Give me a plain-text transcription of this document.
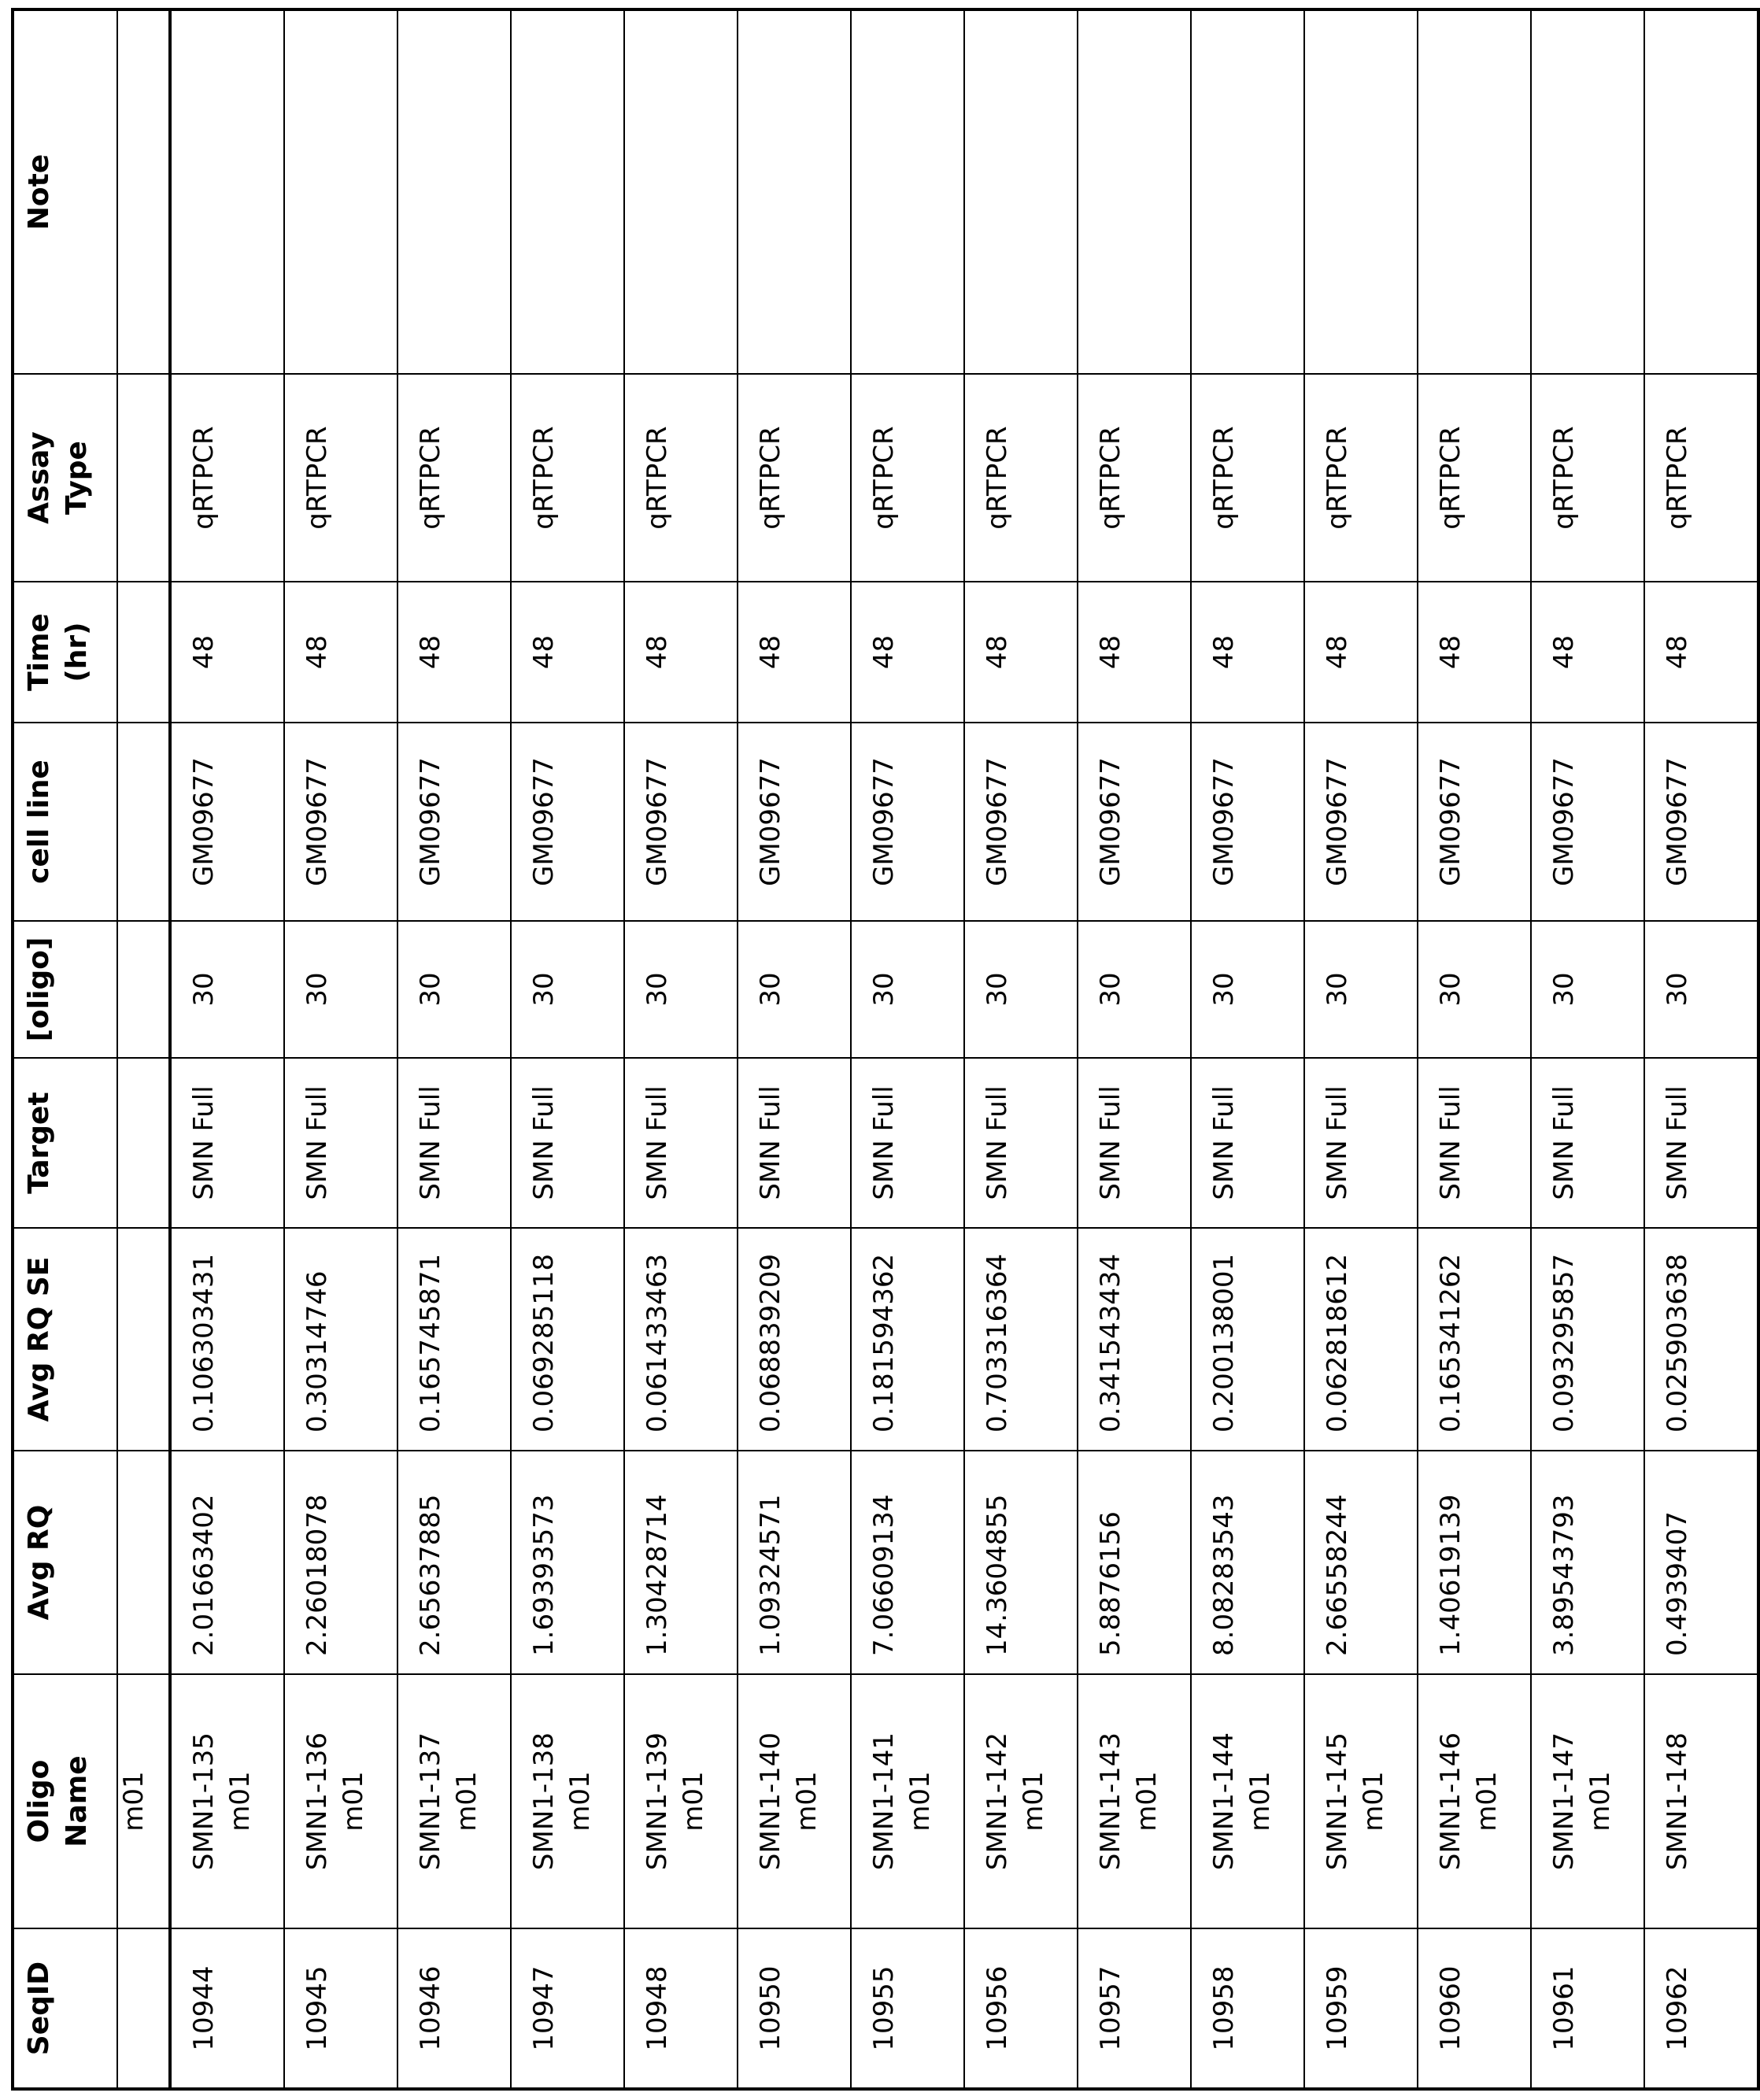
SeqID	Oligo Name	Avg RQ	Avg RQ SE	Target	[oligo]	cell line	Time (hr)	Assay Type	Note
	m01								
10944	SMN1-135 m01	2.01663402	0.106303431	SMN Full	30	GM09677	48	qRTPCR	
10945	SMN1-136 m01	2.26018078	0.30314746	SMN Full	30	GM09677	48	qRTPCR	
10946	SMN1-137 m01	2.65637885	0.165745871	SMN Full	30	GM09677	48	qRTPCR	
10947	SMN1-138 m01	1.69393573	0.069285118	SMN Full	30	GM09677	48	qRTPCR	
10948	SMN1-139 m01	1.30428714	0.061433463	SMN Full	30	GM09677	48	qRTPCR	
10950	SMN1-140 m01	1.09324571	0.068839209	SMN Full	30	GM09677	48	qRTPCR	
10955	SMN1-141 m01	7.06609134	0.181594362	SMN Full	30	GM09677	48	qRTPCR	
10956	SMN1-142 m01	14.3604855	0.703316364	SMN Full	30	GM09677	48	qRTPCR	
10957	SMN1-143 m01	5.8876156	0.341543434	SMN Full	30	GM09677	48	qRTPCR	
10958	SMN1-144 m01	8.08283543	0.200138001	SMN Full	30	GM09677	48	qRTPCR	
10959	SMN1-145 m01	2.66558244	0.062818612	SMN Full	30	GM09677	48	qRTPCR	
10960	SMN1-146 m01	1.40619139	0.165341262	SMN Full	30	GM09677	48	qRTPCR	
10961	SMN1-147 m01	3.89543793	0.093295857	SMN Full	30	GM09677	48	qRTPCR	
10962	SMN1-148	0.4939407	0.025903638	SMN Full	30	GM09677	48	qRTPCR	
